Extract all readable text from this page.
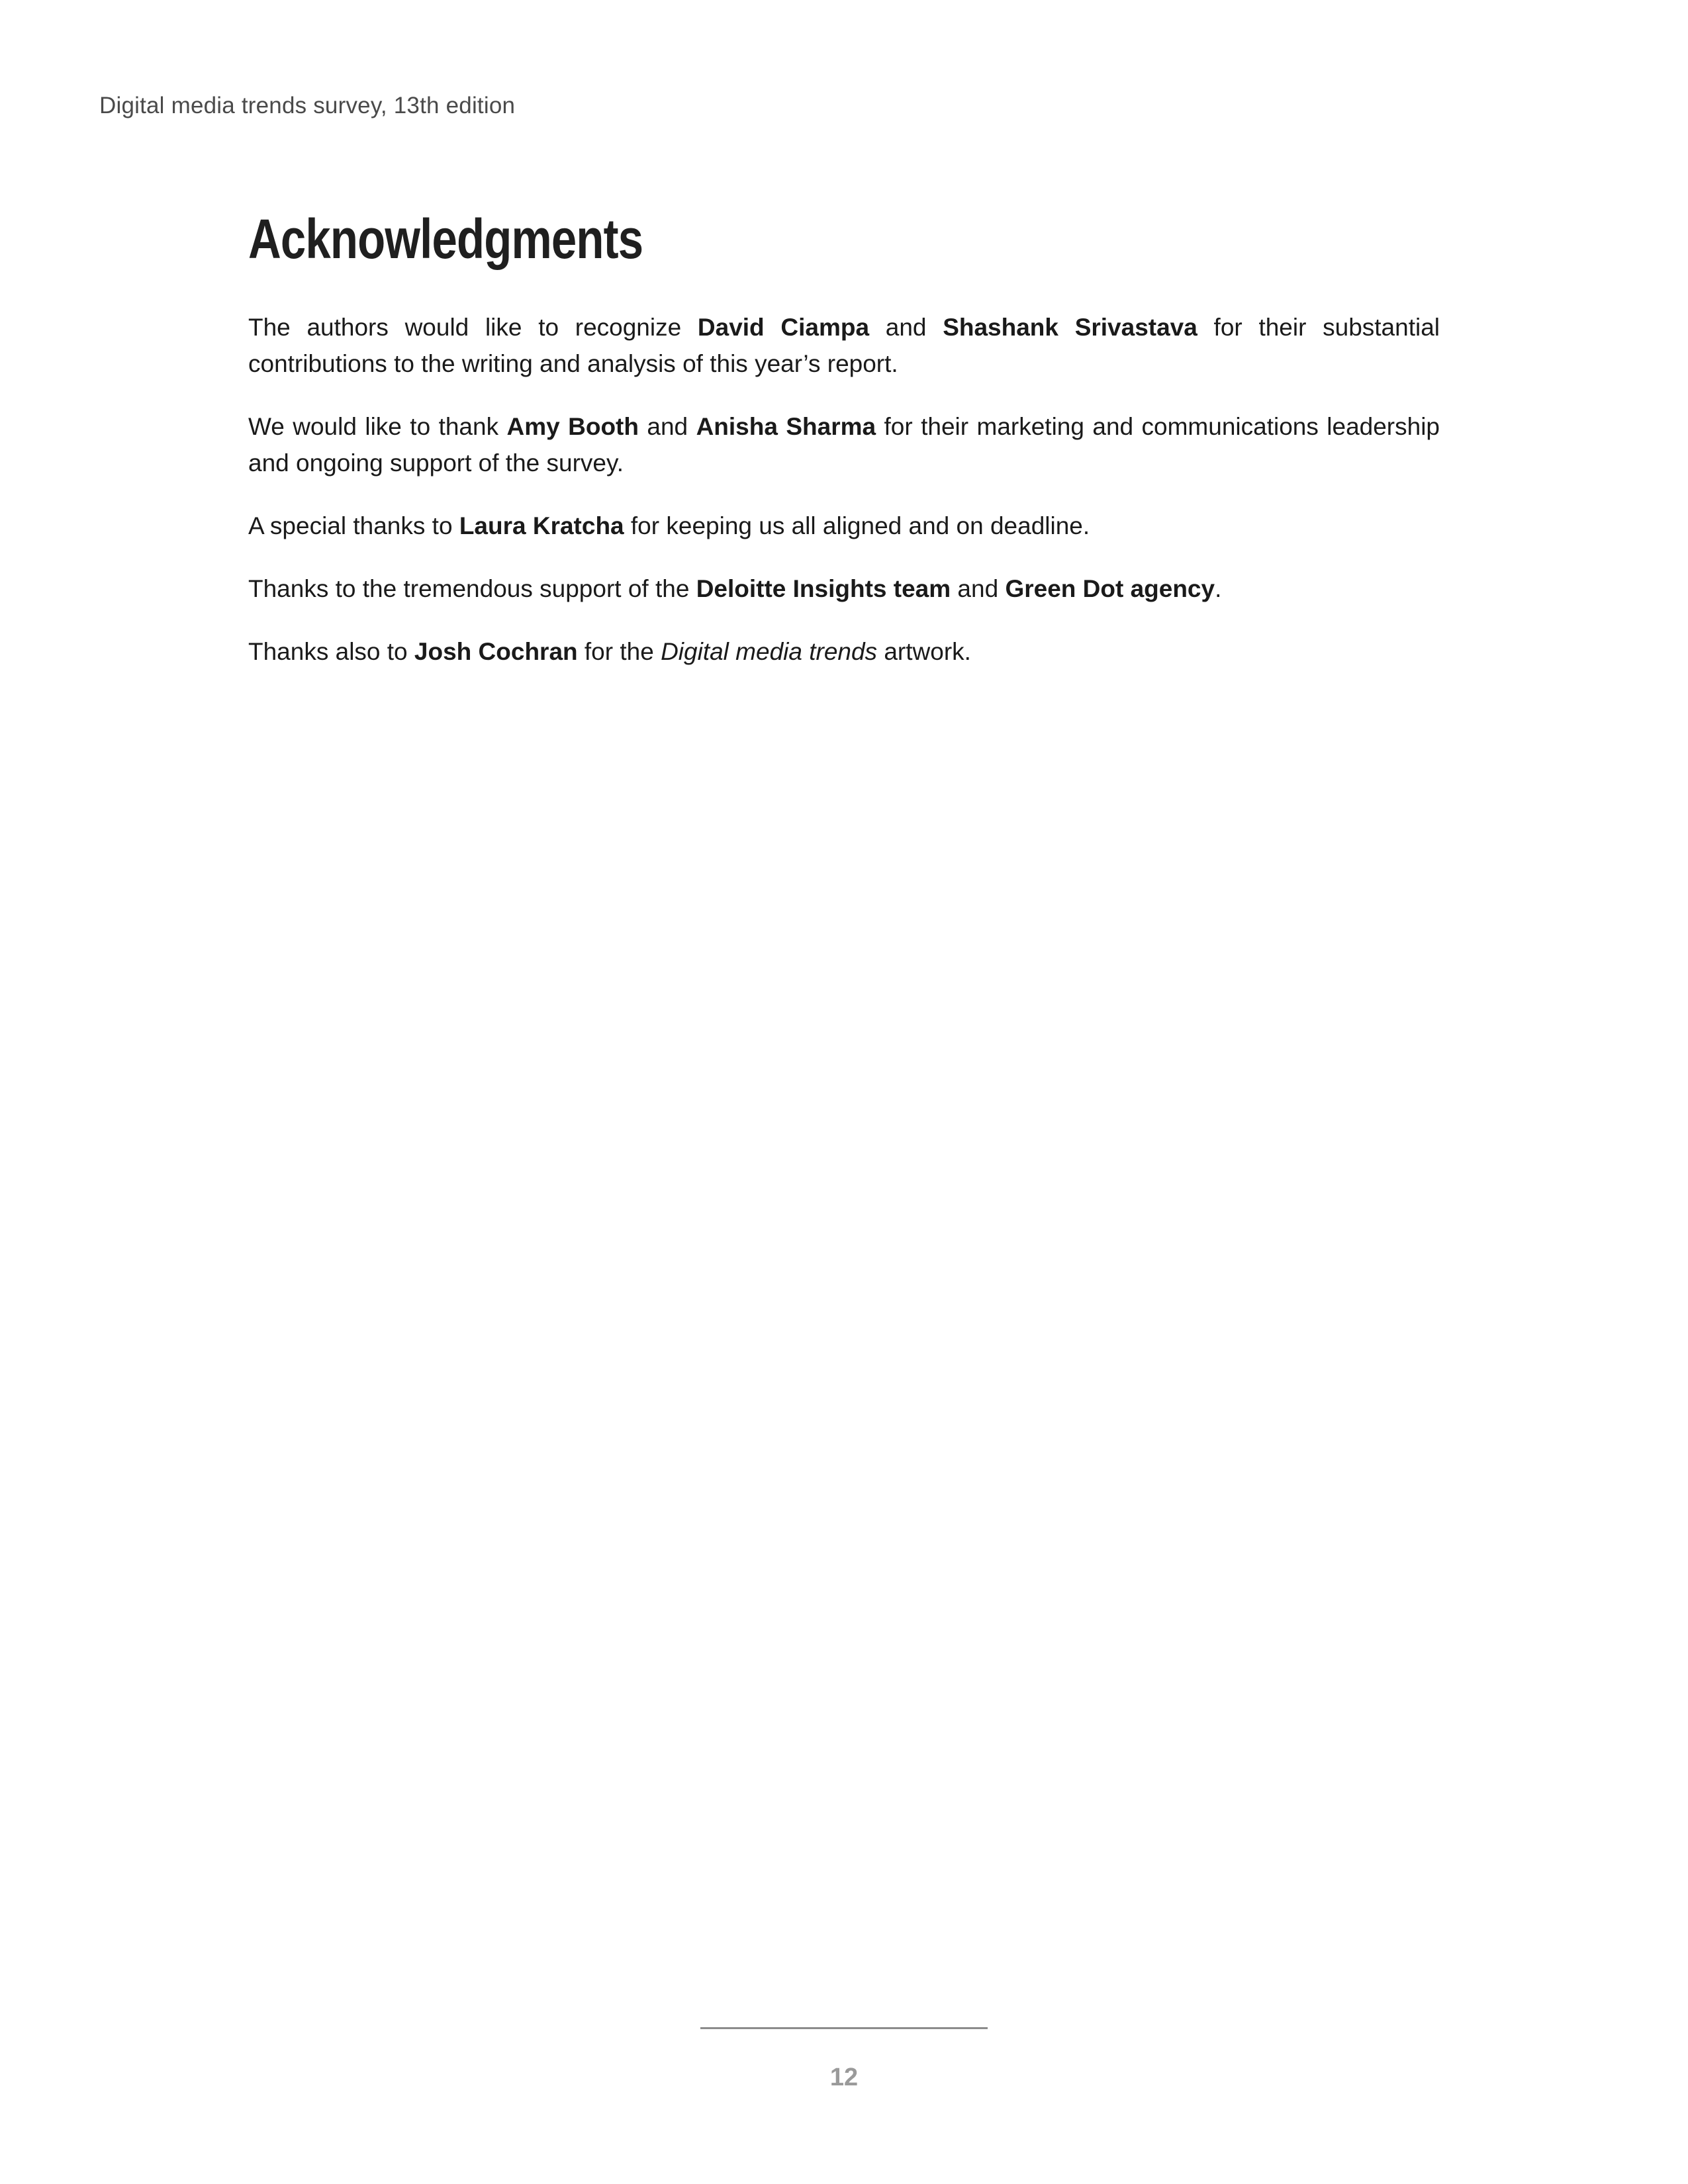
Digital media trends survey, 13th edition
Acknowledgments

The authors would like to recognize David Ciampa and Shashank Srivastava for their substantial contributions to the writing and analysis of this year’s report.

We would like to thank Amy Booth and Anisha Sharma for their marketing and communications leadership and ongoing support of the survey.

A special thanks to Laura Kratcha for keeping us all aligned and on deadline.

Thanks to the tremendous support of the Deloitte Insights team and Green Dot agency.

Thanks also to Josh Cochran for the Digital media trends artwork.

12
